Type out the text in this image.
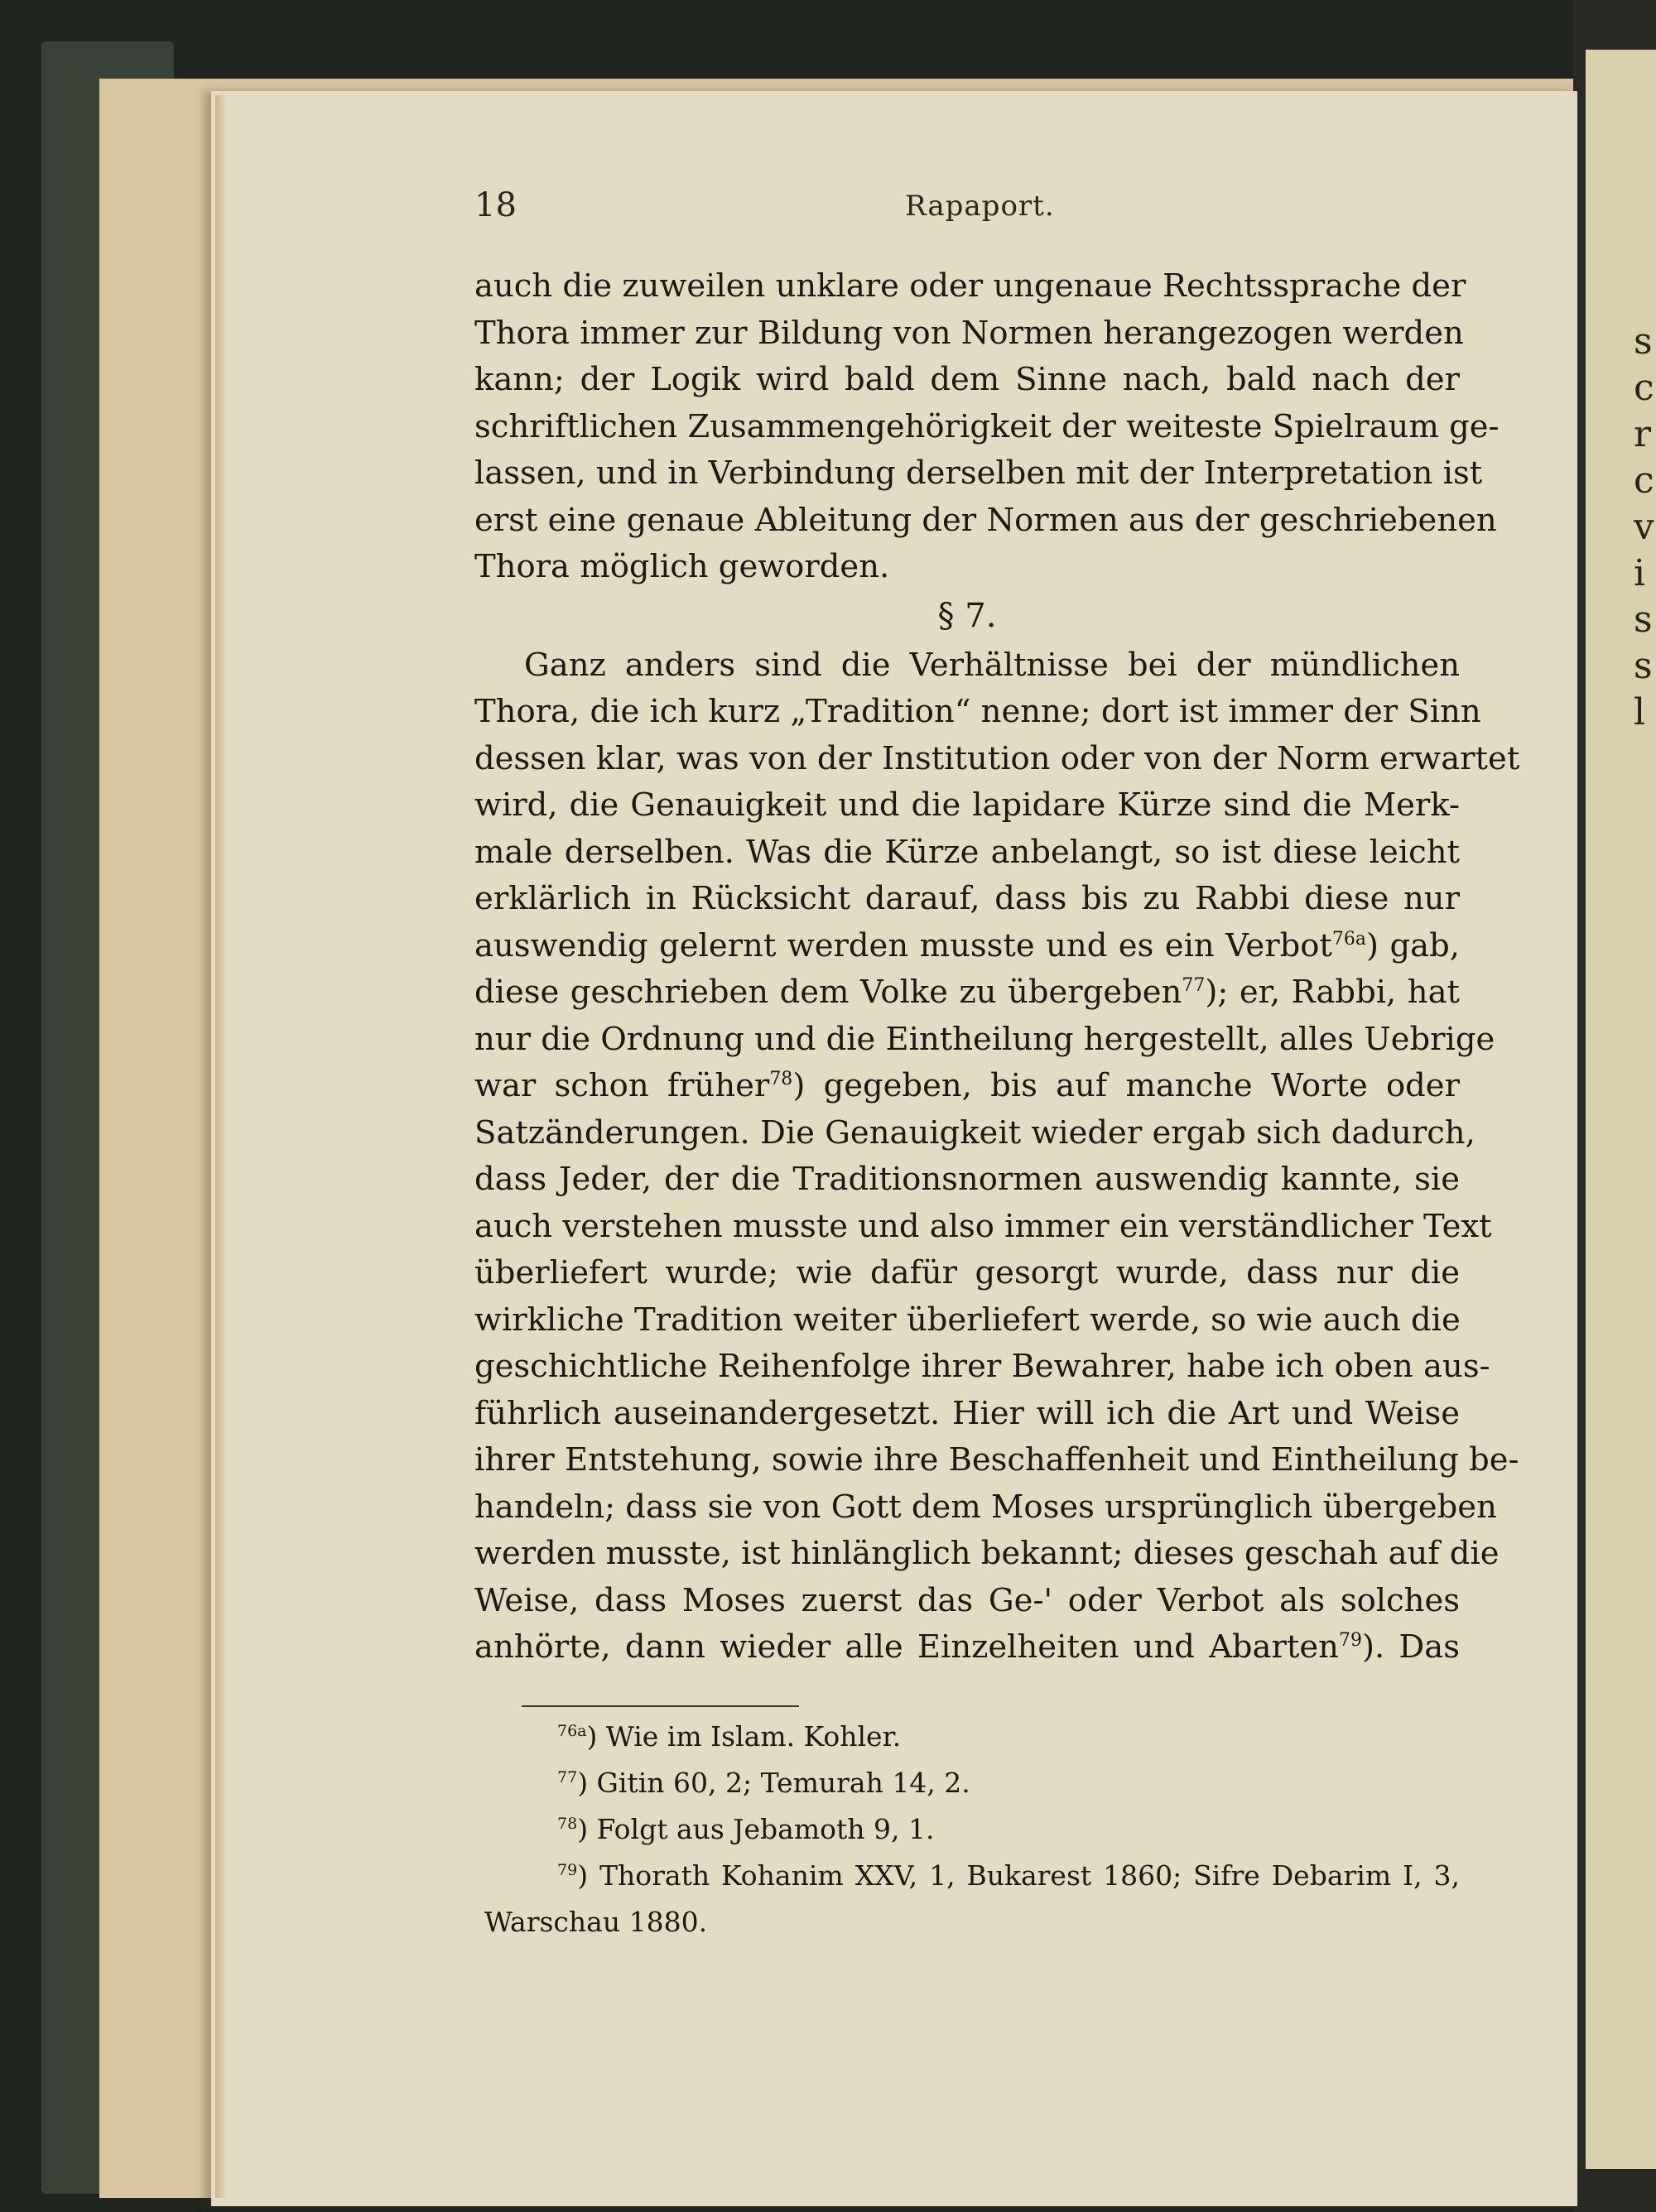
s
c
r
c
v
i
s
s
l
18	Rapaport.
auch die zuweilen unklare oder ungenaue Rechtssprache der
Thora immer zur Bildung von Normen herangezogen werden
kann; der Logik wird bald dem Sinne nach, bald nach der
schriftlichen Zusammengehörigkeit der weiteste Spielraum ge-
lassen, und in Verbindung derselben mit der Interpretation ist
erst eine genaue Ableitung der Normen aus der geschriebenen
Thora möglich geworden.
§ 7.
Ganz anders sind die Verhältnisse bei der mündlichen
Thora, die ich kurz „Tradition“ nenne; dort ist immer der Sinn
dessen klar, was von der Institution oder von der Norm erwartet
wird, die Genauigkeit und die lapidare Kürze sind die Merk-
male derselben. Was die Kürze anbelangt, so ist diese leicht
erklärlich in Rücksicht darauf, dass bis zu Rabbi diese nur
auswendig gelernt werden musste und es ein Verbot$^{76a}$) gab,
diese geschrieben dem Volke zu übergeben$^{77}$); er, Rabbi, hat
nur die Ordnung und die Eintheilung hergestellt, alles Uebrige
war schon früher$^{78}$) gegeben, bis auf manche Worte oder
Satzänderungen. Die Genauigkeit wieder ergab sich dadurch,
dass Jeder, der die Traditionsnormen auswendig kannte, sie
auch verstehen musste und also immer ein verständlicher Text
überliefert wurde; wie dafür gesorgt wurde, dass nur die
wirkliche Tradition weiter überliefert werde, so wie auch die
geschichtliche Reihenfolge ihrer Bewahrer, habe ich oben aus-
führlich auseinandergesetzt. Hier will ich die Art und Weise
ihrer Entstehung, sowie ihre Beschaffenheit und Eintheilung be-
handeln; dass sie von Gott dem Moses ursprünglich übergeben
werden musste, ist hinlänglich bekannt; dieses geschah auf die
Weise, dass Moses zuerst das Ge-' oder Verbot als solches
anhörte, dann wieder alle Einzelheiten und Abarten$^{79}$). Das
$^{76a}$) Wie im Islam. Kohler.
$^{77}$) Gitin 60, 2; Temurah 14, 2.
$^{78}$) Folgt aus Jebamoth 9, 1.
$^{79}$) Thorath Kohanim XXV, 1, Bukarest 1860; Sifre Debarim I, 3,
Warschau 1880.
